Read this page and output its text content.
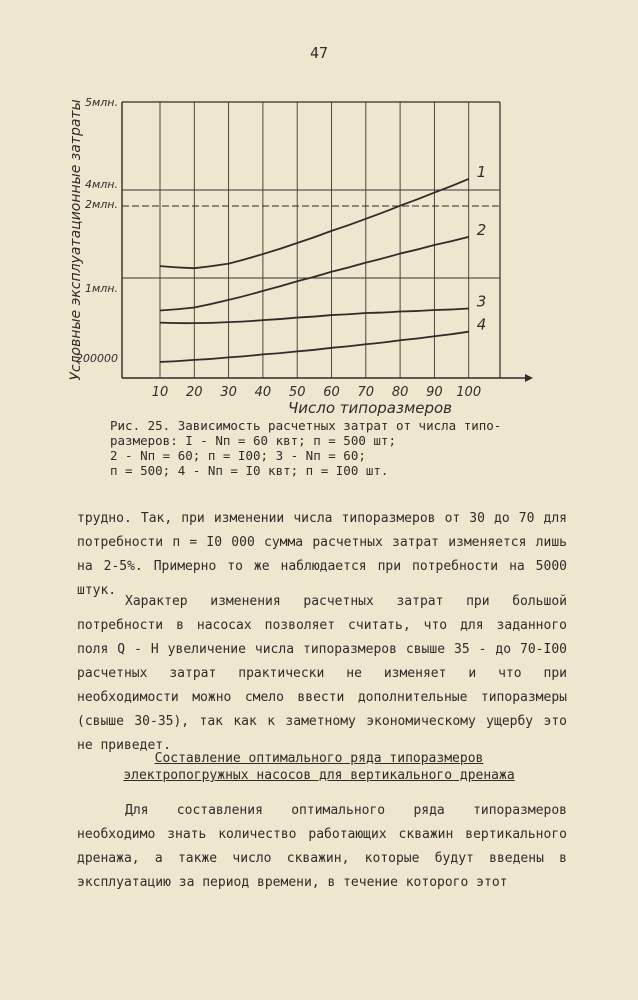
47
1
2
3
4
10 20 30 40 50 60 70 80 90 100
5млн.
4млн.
2млн.
1млн.
200000
Число типоразмеров
Условные эксплуатационные затраты

Рис. 25. Зависимость расчетных затрат от числа типо-

размеров: I - Nп = 60 квт; п = 500 шт;

2 - Nп = 60; п = I00; 3 - Nп = 60;

п = 500; 4 - Nп = I0 квт; п = I00 шт.

трудно. Так, при изменении числа типоразмеров от 30 до 70 для потребности п = I0 000 сумма расчетных затрат изменяется лишь на 2-5%. Примерно то же наблюдается при потребности на 5000 штук.

Характер изменения расчетных затрат при большой потребности в насосах позволяет считать, что для заданного поля Q - Н увеличение числа типоразмеров свыше 35 - до 70-I00 расчетных затрат практически не изменяет и что при необходимости можно смело ввести дополнительные типоразмеры (свыше 30-35), так как к заметному экономическому ущербу это не приведет.

Составление оптимального ряда типоразмеров
электропогружных насосов для вертикального дренажа

Для составления оптимального ряда типоразмеров необходимо знать количество работающих скважин вертикального дренажа, а также число скважин, которые будут введены в эксплуатацию за период времени, в течение которого этот
